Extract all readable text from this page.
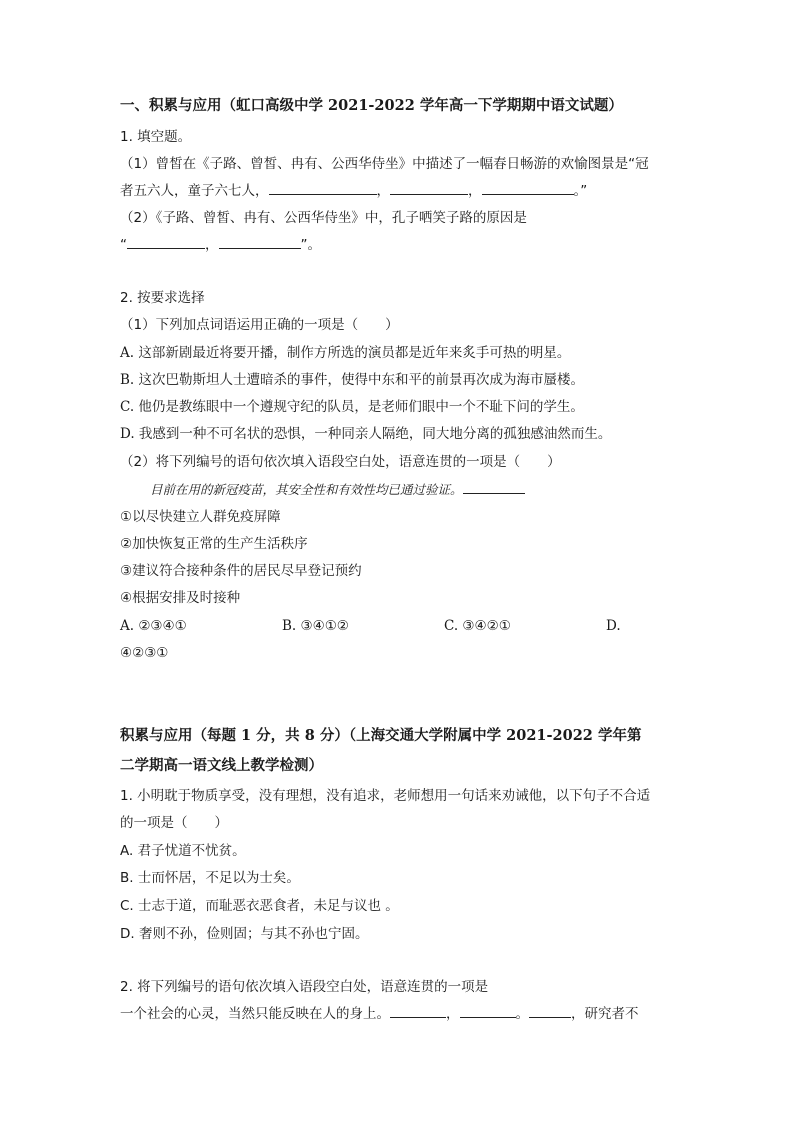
一、积累与应用（虹口高级中学 2021-2022 学年高一下学期期中语文试题）
1. 填空题。
（1）曾皙在《子路、曾皙、冉有、公西华侍坐》中描述了一幅春日畅游的欢愉图景是“冠
者五六人，童子六七人，	，	，	。”
（2）《子路、曾皙、冉有、公西华侍坐》中，孔子哂笑子路的原因是
“	，	”。
2. 按要求选择
（1）下列加点词语运用正确的一项是（　　）
A. 这部新剧最近将要开播，制作方所选的演员都是近年来炙手可热的明星。
B. 这次巴勒斯坦人士遭暗杀的事件，使得中东和平的前景再次成为海市蜃楼。
C. 他仍是教练眼中一个遵规守纪的队员，是老师们眼中一个不耻下问的学生。
D. 我感到一种不可名状的恐惧，一种同亲人隔绝，同大地分离的孤独感油然而生。
（2）将下列编号的语句依次填入语段空白处，语意连贯的一项是（　　）
目前在用的新冠疫苗，其安全性和有效性均已通过验证。
①以尽快建立人群免疫屏障
②加快恢复正常的生产生活秩序
③建议符合接种条件的居民尽早登记预约
④根据安排及时接种
A. ②③④①	B. ③④①②	C. ③④②①	D.
④②③①
积累与应用（每题 1 分，共 8 分）（上海交通大学附属中学 2021-2022 学年第
二学期高一语文线上教学检测）
1. 小明耽于物质享受，没有理想，没有追求，老师想用一句话来劝诫他，以下句子不合适
的一项是（　　）
A. 君子忧道不忧贫。
B. 士而怀居，不足以为士矣。
C. 士志于道，而耻恶衣恶食者，未足与议也 。
D. 奢则不孙，俭则固；与其不孙也宁固。
2. 将下列编号的语句依次填入语段空白处，语意连贯的一项是
一个社会的心灵，当然只能反映在人的身上。	，	。	，研究者不
